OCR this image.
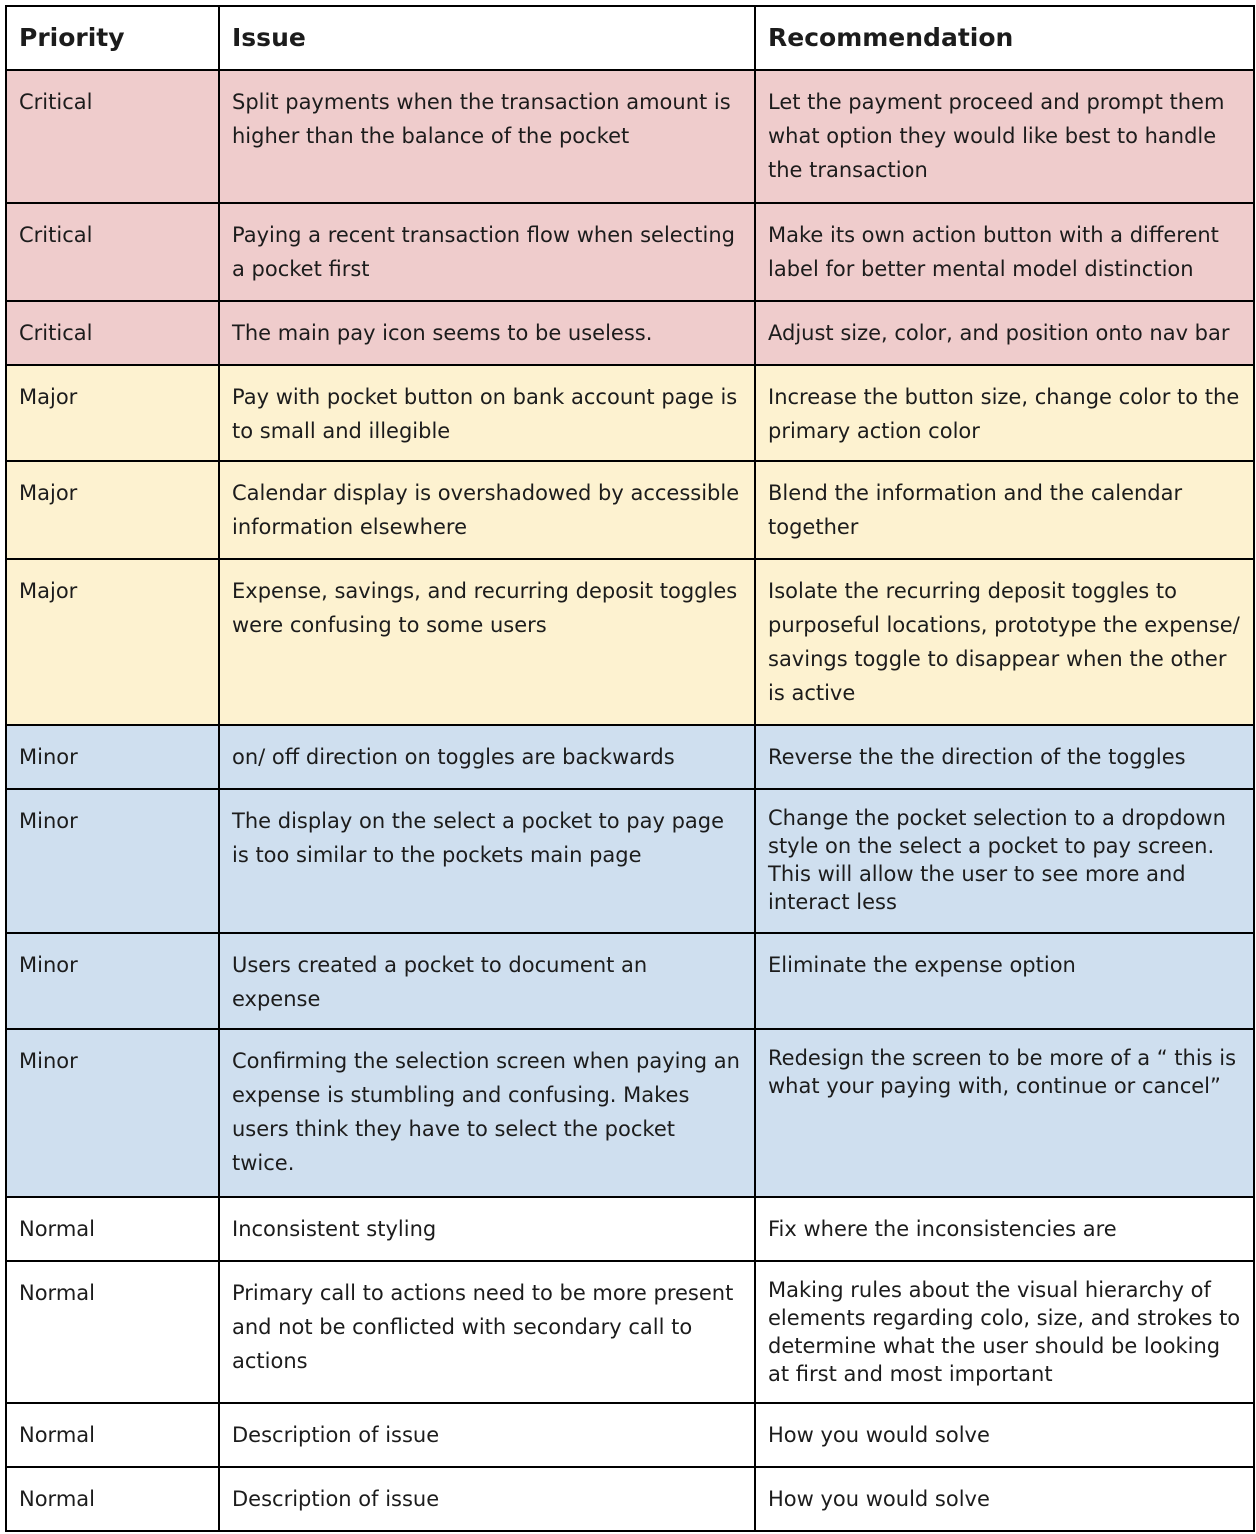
Priority	Issue	Recommendation
Critical	Split payments when the transaction amount is higher than the balance of the pocket	Let the payment proceed and prompt them what option they would like best to handle the transaction
Critical	Paying a recent transaction flow when selecting a pocket first	Make its own action button with a different label for better mental model distinction
Critical	The main pay icon seems to be useless.	Adjust size, color, and position onto nav bar
Major	Pay with pocket button on bank account page is to small and illegible	Increase the button size, change color to the primary action color
Major	Calendar display is overshadowed by accessible information elsewhere	Blend the information and the calendar together
Major	Expense, savings, and recurring deposit toggles were confusing to some users	Isolate the recurring deposit toggles to purposeful locations, prototype the expense/ savings toggle to disappear when the other is active
Minor	on/ off direction on toggles are backwards	Reverse the the direction of the toggles
Minor	The display on the select a pocket to pay page is too similar to the pockets main page	Change the pocket selection to a dropdown style on the select a pocket to pay screen. This will allow the user to see more and interact less
Minor	Users created a pocket to document an expense	Eliminate the expense option
Minor	Confirming the selection screen when paying an expense is stumbling and confusing. Makes users think they have to select the pocket twice.	Redesign the screen to be more of a “ this is what your paying with, continue or cancel”
Normal	Inconsistent styling	Fix where the inconsistencies are
Normal	Primary call to actions need to be more present and not be conflicted with secondary call to actions	Making rules about the visual hierarchy of elements regarding colo, size, and strokes to determine what the user should be looking at first and most important
Normal	Description of issue	How you would solve
Normal	Description of issue	How you would solve
